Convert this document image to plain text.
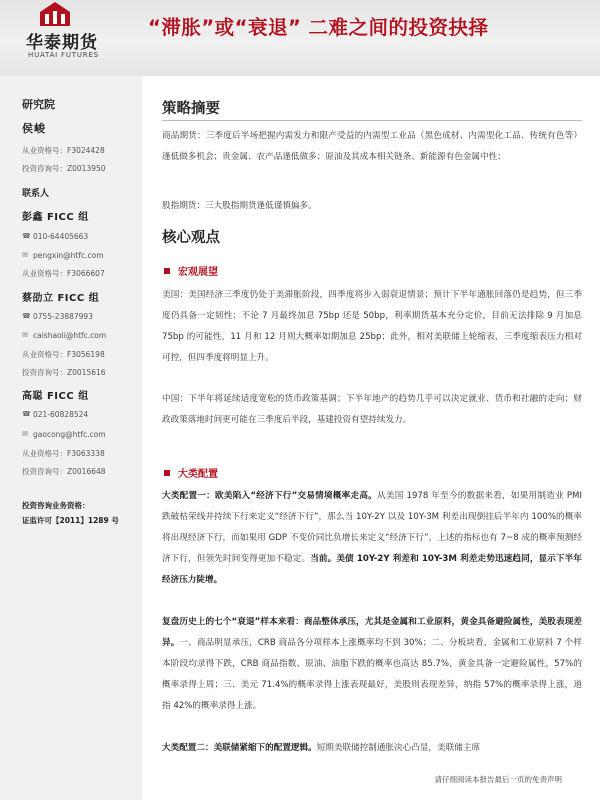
华泰期货
HUATAI FUTURES
“滞胀”或“衰退” 二难之间的投资抉择
研究院
侯峻
从业资格号：F3024428
投资咨询号：Z0013950
联系人
彭鑫 FICC 组
☎ 010-64405663
✉ pengxin@htfc.com
从业资格号：F3066607
蔡劭立 FICC 组
☎ 0755-23887993
✉ caishaoli@htfc.com
从业资格号：F3056198
投资咨询号：Z0015616
高聪 FICC 组
☎ 021-60828524
✉ gaocong@htfc.com
从业资格号：F3063338
投资咨询号：Z0016648
投资咨询业务资格：
证监许可【2011】1289 号
策略摘要
商品期货：三季度后半场把握内需发力和限产受益的内需型工业品（黑色成材、内需型化工品、传统有色等）逢低做多机会；贵金属、农产品逢低做多；原油及其成本相关链条、新能源有色金属中性；
股指期货：三大股指期货逢低谨慎偏多。
核心观点
宏观展望
美国：美国经济三季度仍处于美滞胀阶段，四季度将步入弱衰退情景；预计下半年通胀回落仍是趋势，但三季度仍具备一定韧性；不论 7 月最终加息 75bp 还是 50bp，利率期货基本充分定价，目前无法排除 9 月加息 75bp 的可能性，11 月和 12 月则大概率如期加息 25bp；此外，相对美联储上轮缩表，三季度缩表压力相对可控，但四季度将明显上升。
中国：下半年将延续适度宽松的货币政策基调；下半年地产的趋势几乎可以决定就业、货币和社融的走向；财政政策落地时间更可能在三季度后半段，基建投资有望持续发力。
大类配置
大类配置一：欧美陷入“经济下行”交易情境概率走高。从美国 1978 年至今的数据来看，如果用制造业 PMI 跌破枯荣线并持续下行来定义“经济下行”，那么当 10Y-2Y 以及 10Y-3M 利差出现倒挂后半年内 100%的概率将出现经济下行，而如果用 GDP 不变价同比负增长来定义“经济下行”，上述的指标也有 7~8 成的概率预测经济下行，但领先时间变得更加不稳定。当前。美债 10Y-2Y 利差和 10Y-3M 利差走势迅速趋同，显示下半年经济压力陡增。
复盘历史上的七个“衰退”样本来看：商品整体承压，尤其是金属和工业原料，黄金具备避险属性，美股表现差异。一、商品明显承压，CRB 商品各分项样本上涨概率均不到 30%；二、分板块看，金属和工业原料 7 个样本阶段均录得下跌，CRB 商品指数、原油、油脂下跌的概率也高达 85.7%，黄金具备一定避险属性，57%的概率录得上周；三、美元 71.4%的概率录得上涨表现最好，美股则表现差异，纳指 57%的概率录得上涨，道指 42%的概率录得上涨。
大类配置二：美联储紧缩下的配置逻辑。短期美联储控制通胀决心凸显，美联储主席
请仔细阅读本报告最后一页的免责声明
